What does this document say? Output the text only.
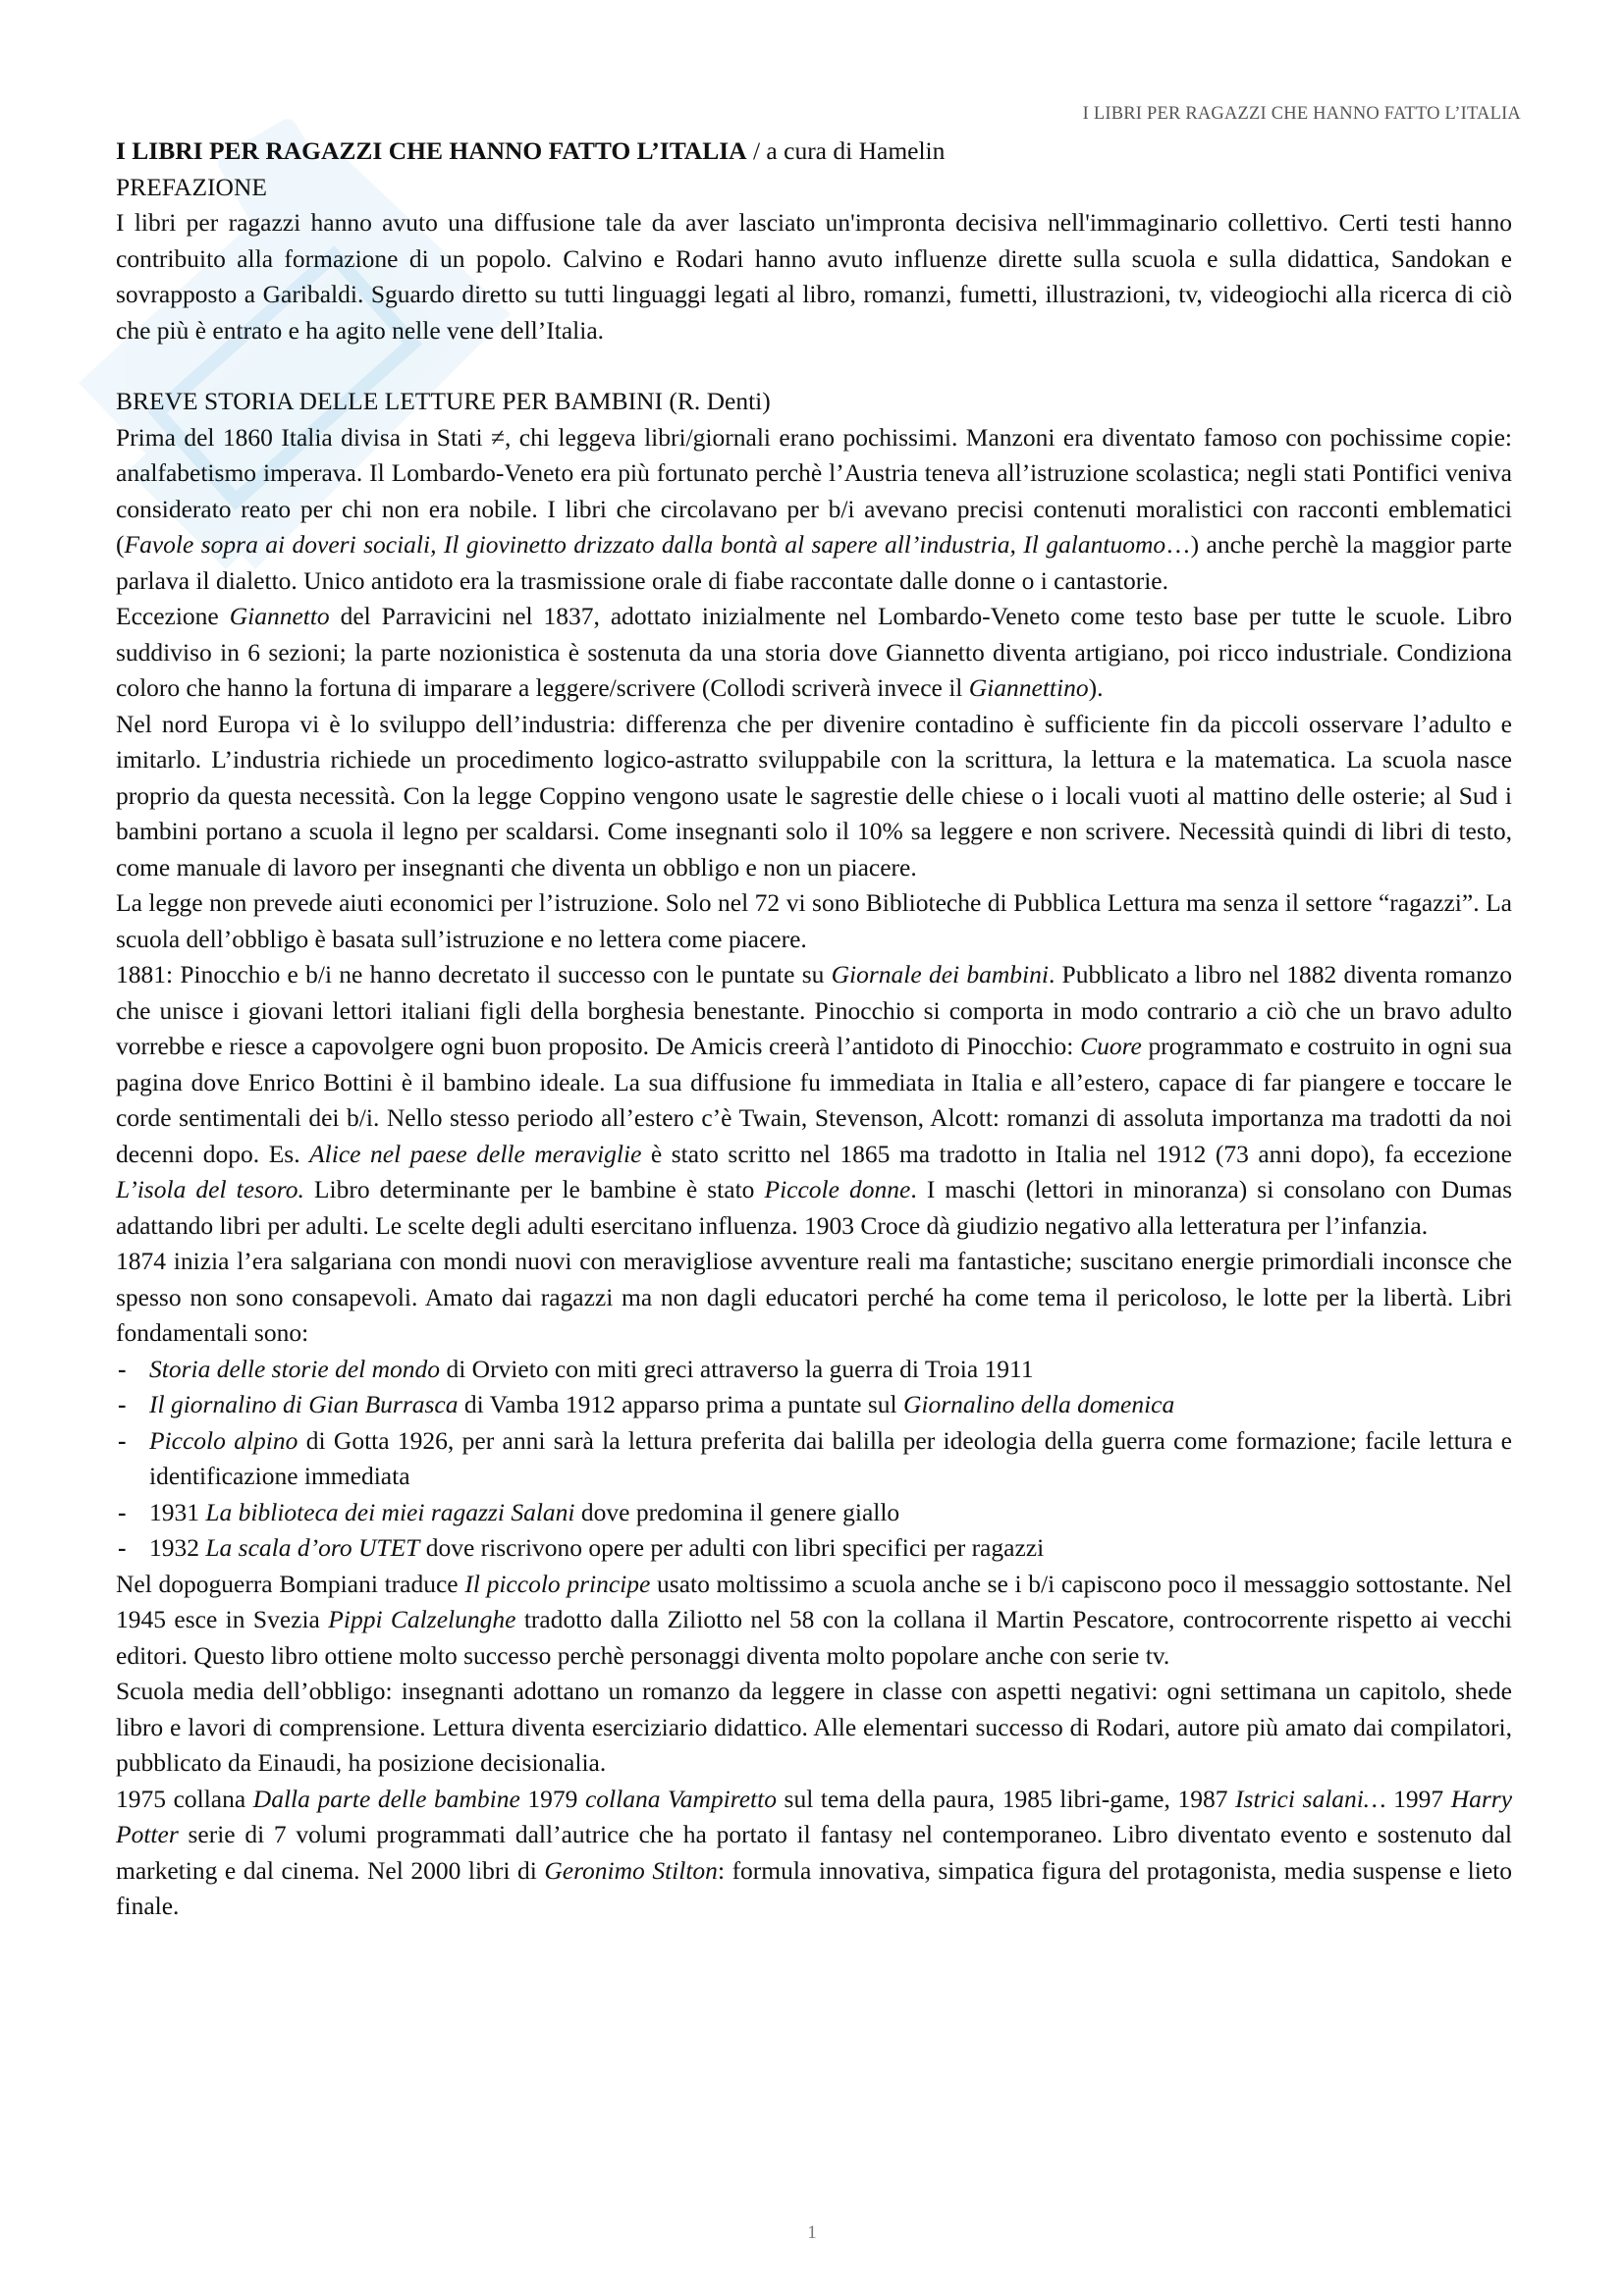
I LIBRI PER RAGAZZI CHE HANNO FATTO L’ITALIA

I LIBRI PER RAGAZZI CHE HANNO FATTO L’ITALIA / a cura di Hamelin

PREFAZIONE

I libri per ragazzi hanno avuto una diffusione tale da aver lasciato un'impronta decisiva nell'immaginario collettivo. Certi testi hanno contribuito alla formazione di un popolo. Calvino e Rodari hanno avuto influenze dirette sulla scuola e sulla didattica, Sandokan e sovrapposto a Garibaldi. Sguardo diretto su tutti linguaggi legati al libro, romanzi, fumetti, illustrazioni, tv, videogiochi alla ricerca di ciò che più è entrato e ha agito nelle vene dell’Italia.

BREVE STORIA DELLE LETTURE PER BAMBINI (R. Denti)

Prima del 1860 Italia divisa in Stati ≠, chi leggeva libri/giornali erano pochissimi. Manzoni era diventato famoso con pochissime copie: analfabetismo imperava. Il Lombardo-Veneto era più fortunato perchè l’Austria teneva all’istruzione scolastica; negli stati Pontifici veniva considerato reato per chi non era nobile. I libri che circolavano per b/i avevano precisi contenuti moralistici con racconti emblematici (Favole sopra ai doveri sociali, Il giovinetto drizzato dalla bontà al sapere all’industria, Il galantuomo…) anche perchè la maggior parte parlava il dialetto. Unico antidoto era la trasmissione orale di fiabe raccontate dalle donne o i cantastorie.

Eccezione Giannetto del Parravicini nel 1837, adottato inizialmente nel Lombardo-Veneto come testo base per tutte le scuole. Libro suddiviso in 6 sezioni; la parte nozionistica è sostenuta da una storia dove Giannetto diventa artigiano, poi ricco industriale. Condiziona coloro che hanno la fortuna di imparare a leggere/scrivere (Collodi scriverà invece il Giannettino).

Nel nord Europa vi è lo sviluppo dell’industria: differenza che per divenire contadino è sufficiente fin da piccoli osservare l’adulto e imitarlo. L’industria richiede un procedimento logico-astratto sviluppabile con la scrittura, la lettura e la matematica. La scuola nasce proprio da questa necessità. Con la legge Coppino vengono usate le sagrestie delle chiese o i locali vuoti al mattino delle osterie; al Sud i bambini portano a scuola il legno per scaldarsi. Come insegnanti solo il 10% sa leggere e non scrivere. Necessità quindi di libri di testo, come manuale di lavoro per insegnanti che diventa un obbligo e non un piacere.

La legge non prevede aiuti economici per l’istruzione. Solo nel 72 vi sono Biblioteche di Pubblica Lettura ma senza il settore “ragazzi”. La scuola dell’obbligo è basata sull’istruzione e no lettera come piacere.

1881: Pinocchio e b/i ne hanno decretato il successo con le puntate su Giornale dei bambini. Pubblicato a libro nel 1882 diventa romanzo che unisce i giovani lettori italiani figli della borghesia benestante. Pinocchio si comporta in modo contrario a ciò che un bravo adulto vorrebbe e riesce a capovolgere ogni buon proposito. De Amicis creerà l’antidoto di Pinocchio: Cuore programmato e costruito in ogni sua pagina dove Enrico Bottini è il bambino ideale. La sua diffusione fu immediata in Italia e all’estero, capace di far piangere e toccare le corde sentimentali dei b/i. Nello stesso periodo all’estero c’è Twain, Stevenson, Alcott: romanzi di assoluta importanza ma tradotti da noi decenni dopo. Es. Alice nel paese delle meraviglie è stato scritto nel 1865 ma tradotto in Italia nel 1912 (73 anni dopo), fa eccezione L’isola del tesoro. Libro determinante per le bambine è stato Piccole donne. I maschi (lettori in minoranza) si consolano con Dumas adattando libri per adulti. Le scelte degli adulti esercitano influenza. 1903 Croce dà giudizio negativo alla letteratura per l’infanzia.

1874 inizia l’era salgariana con mondi nuovi con meravigliose avventure reali ma fantastiche; suscitano energie primordiali inconsce che spesso non sono consapevoli. Amato dai ragazzi ma non dagli educatori perché ha come tema il pericoloso, le lotte per la libertà. Libri fondamentali sono:

- Storia delle storie del mondo di Orvieto con miti greci attraverso la guerra di Troia 1911
- Il giornalino di Gian Burrasca di Vamba 1912 apparso prima a puntate sul Giornalino della domenica
- Piccolo alpino di Gotta 1926, per anni sarà la lettura preferita dai balilla per ideologia della guerra come formazione; facile lettura e identificazione immediata
- 1931 La biblioteca dei miei ragazzi Salani dove predomina il genere giallo
- 1932 La scala d’oro UTET dove riscrivono opere per adulti con libri specifici per ragazzi

Nel dopoguerra Bompiani traduce Il piccolo principe usato moltissimo a scuola anche se i b/i capiscono poco il messaggio sottostante. Nel 1945 esce in Svezia Pippi Calzelunghe tradotto dalla Ziliotto nel 58 con la collana il Martin Pescatore, controcorrente rispetto ai vecchi editori. Questo libro ottiene molto successo perchè personaggi diventa molto popolare anche con serie tv.

Scuola media dell’obbligo: insegnanti adottano un romanzo da leggere in classe con aspetti negativi: ogni settimana un capitolo, shede libro e lavori di comprensione. Lettura diventa eserciziario didattico. Alle elementari successo di Rodari, autore più amato dai compilatori, pubblicato da Einaudi, ha posizione decisionalia.

1975 collana Dalla parte delle bambine 1979 collana Vampiretto sul tema della paura, 1985 libri-game, 1987 Istrici salani… 1997 Harry Potter serie di 7 volumi programmati dall’autrice che ha portato il fantasy nel contemporaneo. Libro diventato evento e sostenuto dal marketing e dal cinema. Nel 2000 libri di Geronimo Stilton: formula innovativa, simpatica figura del protagonista, media suspense e lieto finale.

1
